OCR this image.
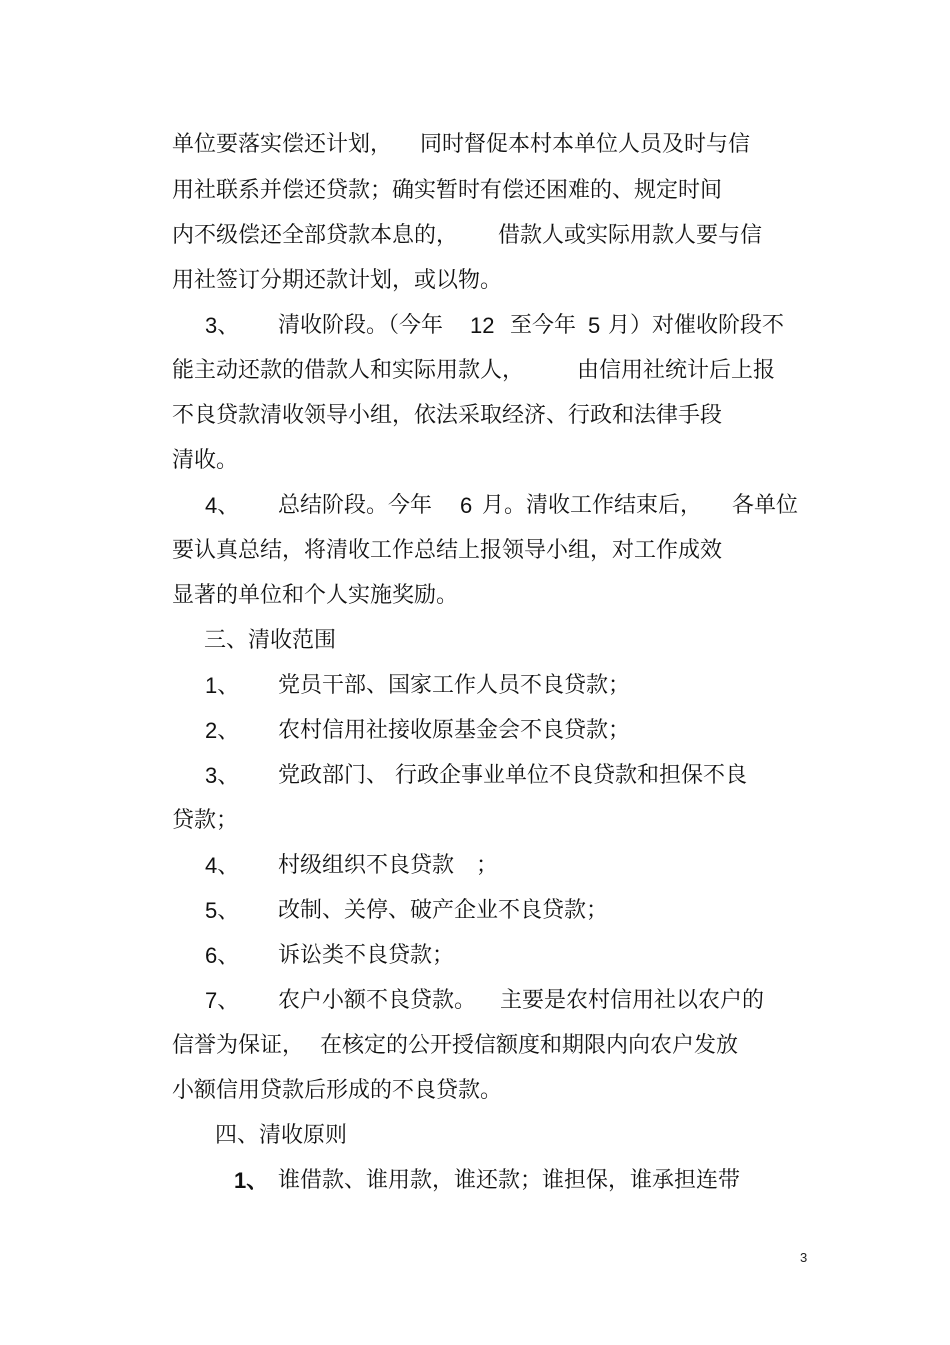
单位要落实偿还计划，

同时督促本村本单位人员及时与信

用社联系并偿还贷款；确实暂时有偿还困难的、规定时间

内不级偿还全部贷款本息的，

借款人或实际用款人要与信

用社签订分期还款计划，或以物。

3、

清收阶段。（今年

12

至今年

5

月）对催收阶段不

能主动还款的借款人和实际用款人，

由信用社统计后上报

不良贷款清收领导小组，依法采取经济、行政和法律手段

清收。

4、

总结阶段。今年

6

月。清收工作结束后，

各单位

要认真总结，将清收工作总结上报领导小组，对工作成效

显著的单位和个人实施奖励。

三、清收范围

1、

党员干部、国家工作人员不良贷款；

2、

农村信用社接收原基金会不良贷款；

3、

党政部门、 行政企事业单位不良贷款和担保不良

贷款；

4、

村级组织不良贷款

；

5、

改制、关停、破产企业不良贷款；

6、

诉讼类不良贷款；

7、

农户小额不良贷款。

主要是农村信用社以农户的

信誉为保证，

在核定的公开授信额度和期限内向农户发放

小额信用贷款后形成的不良贷款。

四、清收原则

1、

谁借款、谁用款，谁还款；谁担保，谁承担连带

3
